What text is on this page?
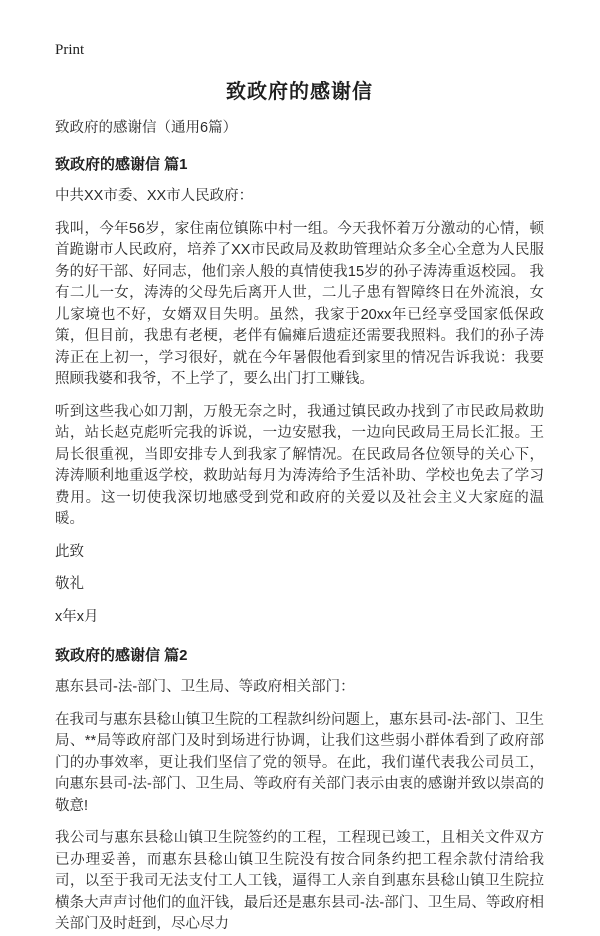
Print
致政府的感谢信

致政府的感谢信（通用6篇）

致政府的感谢信 篇1

中共XX市委、XX市人民政府：

我叫，今年56岁，家住南位镇陈中村一组。今天我怀着万分激动的心情，顿首跪谢市人民政府，培养了XX市民政局及救助管理站众多全心全意为人民服务的好干部、好同志，他们亲人般的真情使我15岁的孙子涛涛重返校园。 我有二儿一女，涛涛的父母先后离开人世，二儿子患有智障终日在外流浪，女儿家境也不好，女婿双目失明。虽然，我家于20xx年已经享受国家低保政策，但目前，我患有老梗，老伴有偏瘫后遗症还需要我照料。我们的孙子涛涛正在上初一，学习很好，就在今年暑假他看到家里的情况告诉我说：我要照顾我婆和我爷，不上学了，要么出门打工赚钱。

听到这些我心如刀割，万般无奈之时，我通过镇民政办找到了市民政局救助站，站长赵克彪听完我的诉说，一边安慰我，一边向民政局王局长汇报。王局长很重视，当即安排专人到我家了解情况。在民政局各位领导的关心下，涛涛顺利地重返学校，救助站每月为涛涛给予生活补助、学校也免去了学习费用。这一切使我深切地感受到党和政府的关爱以及社会主义大家庭的温暖。

此致

敬礼

x年x月

致政府的感谢信 篇2

惠东县司-法-部门、卫生局、等政府相关部门：

在我司与惠东县稔山镇卫生院的工程款纠纷问题上，惠东县司-法-部门、卫生局、**局等政府部门及时到场进行协调，让我们这些弱小群体看到了政府部门的办事效率，更让我们坚信了党的领导。在此，我们谨代表我公司员工，向惠东县司-法-部门、卫生局、等政府有关部门表示由衷的感谢并致以崇高的敬意!

我公司与惠东县稔山镇卫生院签约的工程，工程现已竣工，且相关文件双方已办理妥善，而惠东县稔山镇卫生院没有按合同条约把工程余款付清给我司，以至于我司无法支付工人工钱，逼得工人亲自到惠东县稔山镇卫生院拉横条大声声讨他们的血汗钱，最后还是惠东县司-法-部门、卫生局、等政府相关部门及时赶到，尽心尽力
